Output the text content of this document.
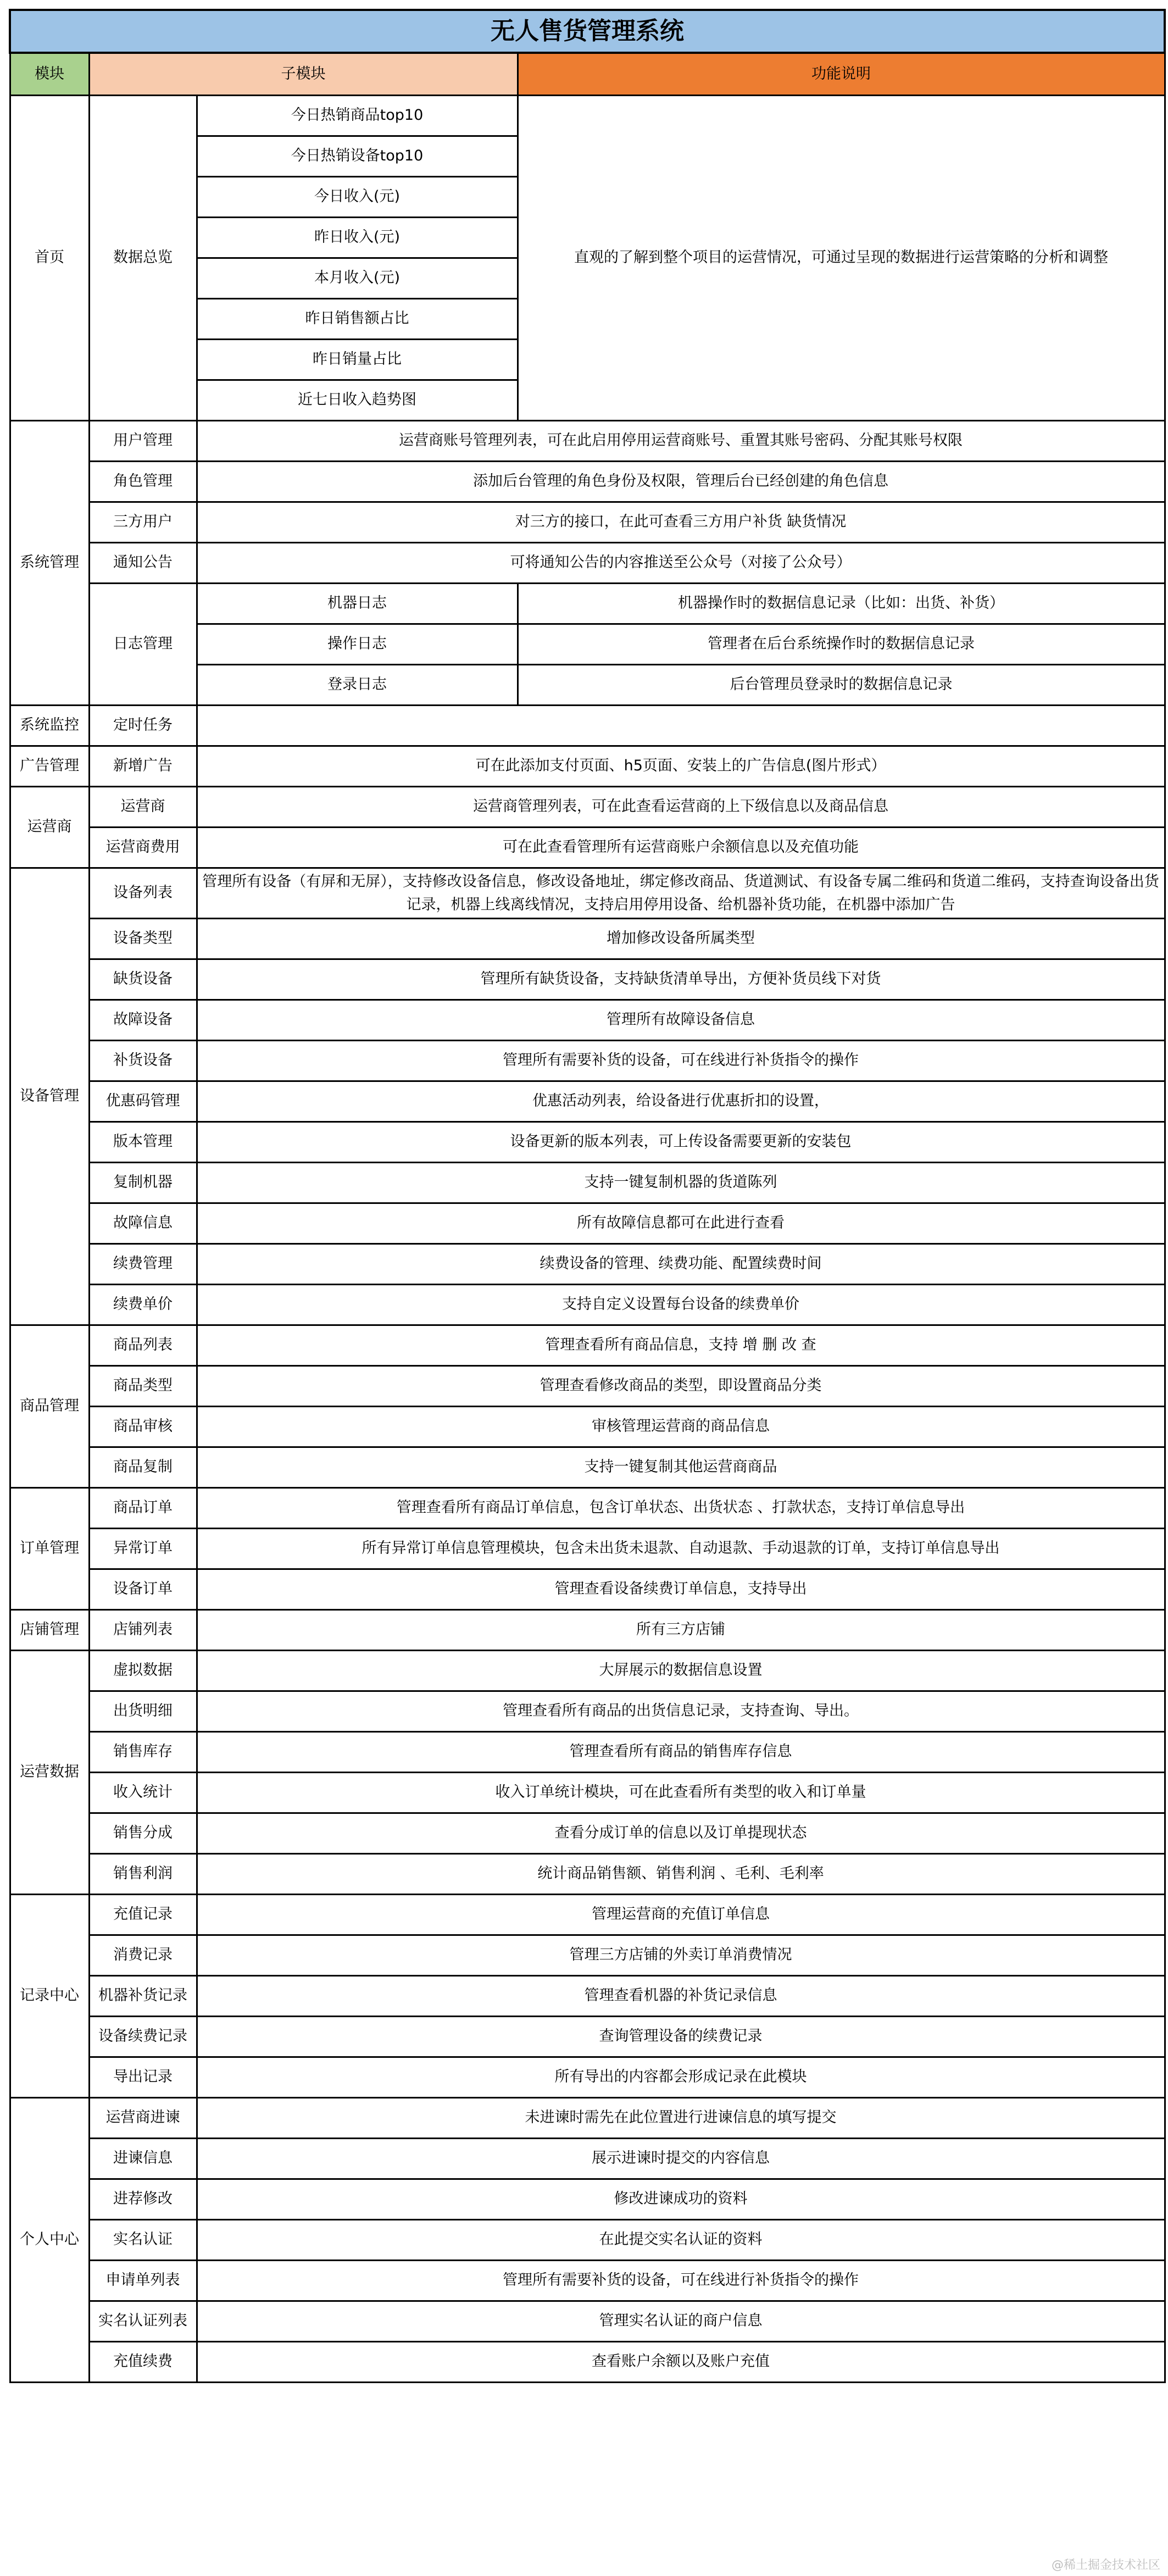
无人售货管理系统			
模块	子模块		功能说明
首页	数据总览	今日热销商品top10	直观的了解到整个项目的运营情况，可通过呈现的数据进行运营策略的分析和调整
		今日热销设备top10	
		今日收入(元)	
		昨日收入(元)	
		本月收入(元)	
		昨日销售额占比	
		昨日销量占比	
		近七日收入趋势图	
系统管理	用户管理	运营商账号管理列表，可在此启用停用运营商账号、重置其账号密码、分配其账号权限	
	角色管理	添加后台管理的角色身份及权限，管理后台已经创建的角色信息	
	三方用户	对三方的接口，在此可查看三方用户补货 缺货情况	
	通知公告	可将通知公告的内容推送至公众号（对接了公众号）	
	日志管理	机器日志	机器操作时的数据信息记录（比如：出货、补货）
		操作日志	管理者在后台系统操作时的数据信息记录
		登录日志	后台管理员登录时的数据信息记录
系统监控	定时任务		
广告管理	新增广告	可在此添加支付页面、h5页面、安装上的广告信息(图片形式）	
运营商	运营商	运营商管理列表，可在此查看运营商的上下级信息以及商品信息	
	运营商费用	可在此查看管理所有运营商账户余额信息以及充值功能	
设备管理	设备列表	管理所有设备（有屏和无屏），支持修改设备信息，修改设备地址，绑定修改商品、货道测试、有设备专属二维码和货道二维码，支持查询设备出货记录，机器上线离线情况，支持启用停用设备、给机器补货功能，在机器中添加广告	
	设备类型	增加修改设备所属类型	
	缺货设备	管理所有缺货设备，支持缺货清单导出，方便补货员线下对货	
	故障设备	管理所有故障设备信息	
	补货设备	管理所有需要补货的设备，可在线进行补货指令的操作	
	优惠码管理	优惠活动列表，给设备进行优惠折扣的设置，	
	版本管理	设备更新的版本列表，可上传设备需要更新的安装包	
	复制机器	支持一键复制机器的货道陈列	
	故障信息	所有故障信息都可在此进行查看	
	续费管理	续费设备的管理、续费功能、配置续费时间	
	续费单价	支持自定义设置每台设备的续费单价	
商品管理	商品列表	管理查看所有商品信息，支持 增 删 改 查	
	商品类型	管理查看修改商品的类型，即设置商品分类	
	商品审核	审核管理运营商的商品信息	
	商品复制	支持一键复制其他运营商商品	
订单管理	商品订单	管理查看所有商品订单信息，包含订单状态、出货状态 、打款状态，支持订单信息导出	
	异常订单	所有异常订单信息管理模块，包含未出货未退款、自动退款、手动退款的订单，支持订单信息导出	
	设备订单	管理查看设备续费订单信息，支持导出	
店铺管理	店铺列表	所有三方店铺	
运营数据	虚拟数据	大屏展示的数据信息设置	
	出货明细	管理查看所有商品的出货信息记录，支持查询、导出。	
	销售库存	管理查看所有商品的销售库存信息	
	收入统计	收入订单统计模块，可在此查看所有类型的收入和订单量	
	销售分成	查看分成订单的信息以及订单提现状态	
	销售利润	统计商品销售额、销售利润 、毛利、毛利率	
记录中心	充值记录	管理运营商的充值订单信息	
	消费记录	管理三方店铺的外卖订单消费情况	
	机器补货记录	管理查看机器的补货记录信息	
	设备续费记录	查询管理设备的续费记录	
	导出记录	所有导出的内容都会形成记录在此模块	
个人中心	运营商进谏	未进谏时需先在此位置进行进谏信息的填写提交	
	进谏信息	展示进谏时提交的内容信息	
	进荐修改	修改进谏成功的资料	
	实名认证	在此提交实名认证的资料	
	申请单列表	管理所有需要补货的设备，可在线进行补货指令的操作	
	实名认证列表	管理实名认证的商户信息	
	充值续费	查看账户余额以及账户充值	
@稀土掘金技术社区
